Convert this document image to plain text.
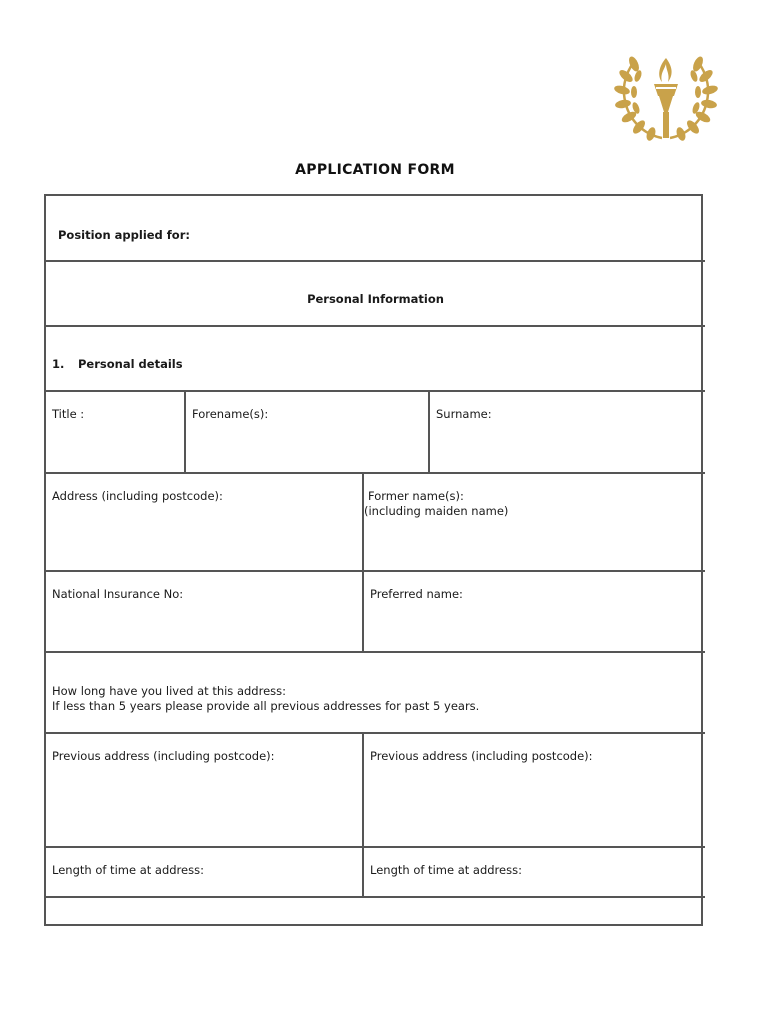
APPLICATION FORM
Position applied for:
Personal Information
1. Personal details
Title :	Forename(s):	Surname:
Address (including postcode):	Former name(s):
(including maiden name)
National Insurance No:	Preferred name:
How long have you lived at this address:
If less than 5 years please provide all previous addresses for past 5 years.
Previous address (including postcode):	Previous address (including postcode):
Length of time at address:	Length of time at address:
